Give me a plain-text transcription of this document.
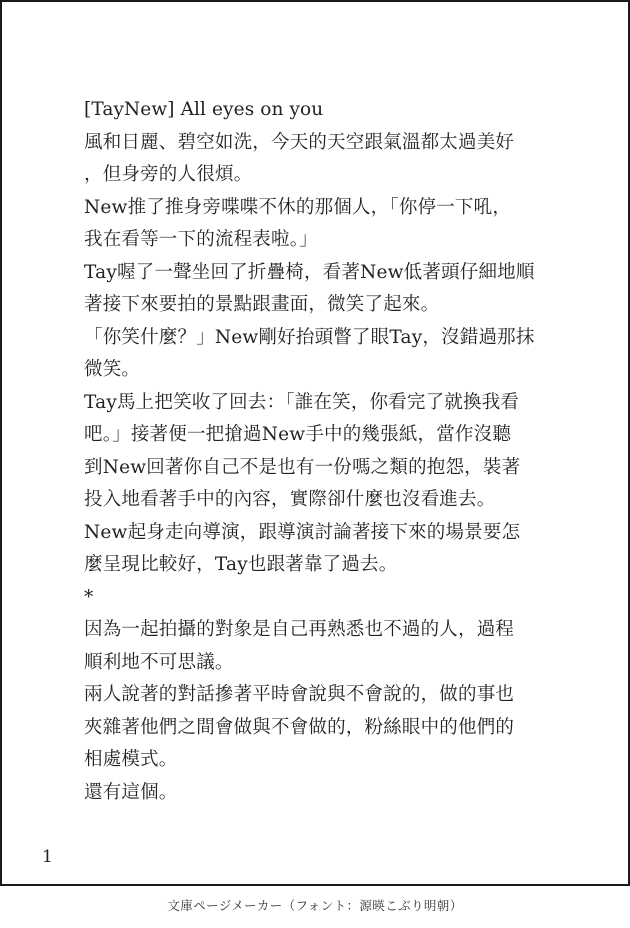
[TayNew] All eyes on you
風和日麗、碧空如洗，今天的天空跟氣溫都太過美好
，但身旁的人很煩。
New推了推身旁喋喋不休的那個人，「你停一下吼，
我在看等一下的流程表啦。」
Tay喔了一聲坐回了折疊椅，看著New低著頭仔細地順
著接下來要拍的景點跟畫面，微笑了起來。
「你笑什麼？」New剛好抬頭瞥了眼Tay，沒錯過那抹
微笑。
Tay馬上把笑收了回去：「誰在笑，你看完了就換我看
吧。」接著便一把搶過New手中的幾張紙，當作沒聽
到New回著你自己不是也有一份嗎之類的抱怨，裝著
投入地看著手中的內容，實際卻什麼也沒看進去。
New起身走向導演，跟導演討論著接下來的場景要怎
麼呈現比較好，Tay也跟著靠了過去。
*
因為一起拍攝的對象是自己再熟悉也不過的人，過程
順利地不可思議。
兩人說著的對話摻著平時會說與不會說的，做的事也
夾雜著他們之間會做與不會做的，粉絲眼中的他們的
相處模式。
還有這個。
1
文庫ページメーカー（フォント：源暎こぶり明朝）
